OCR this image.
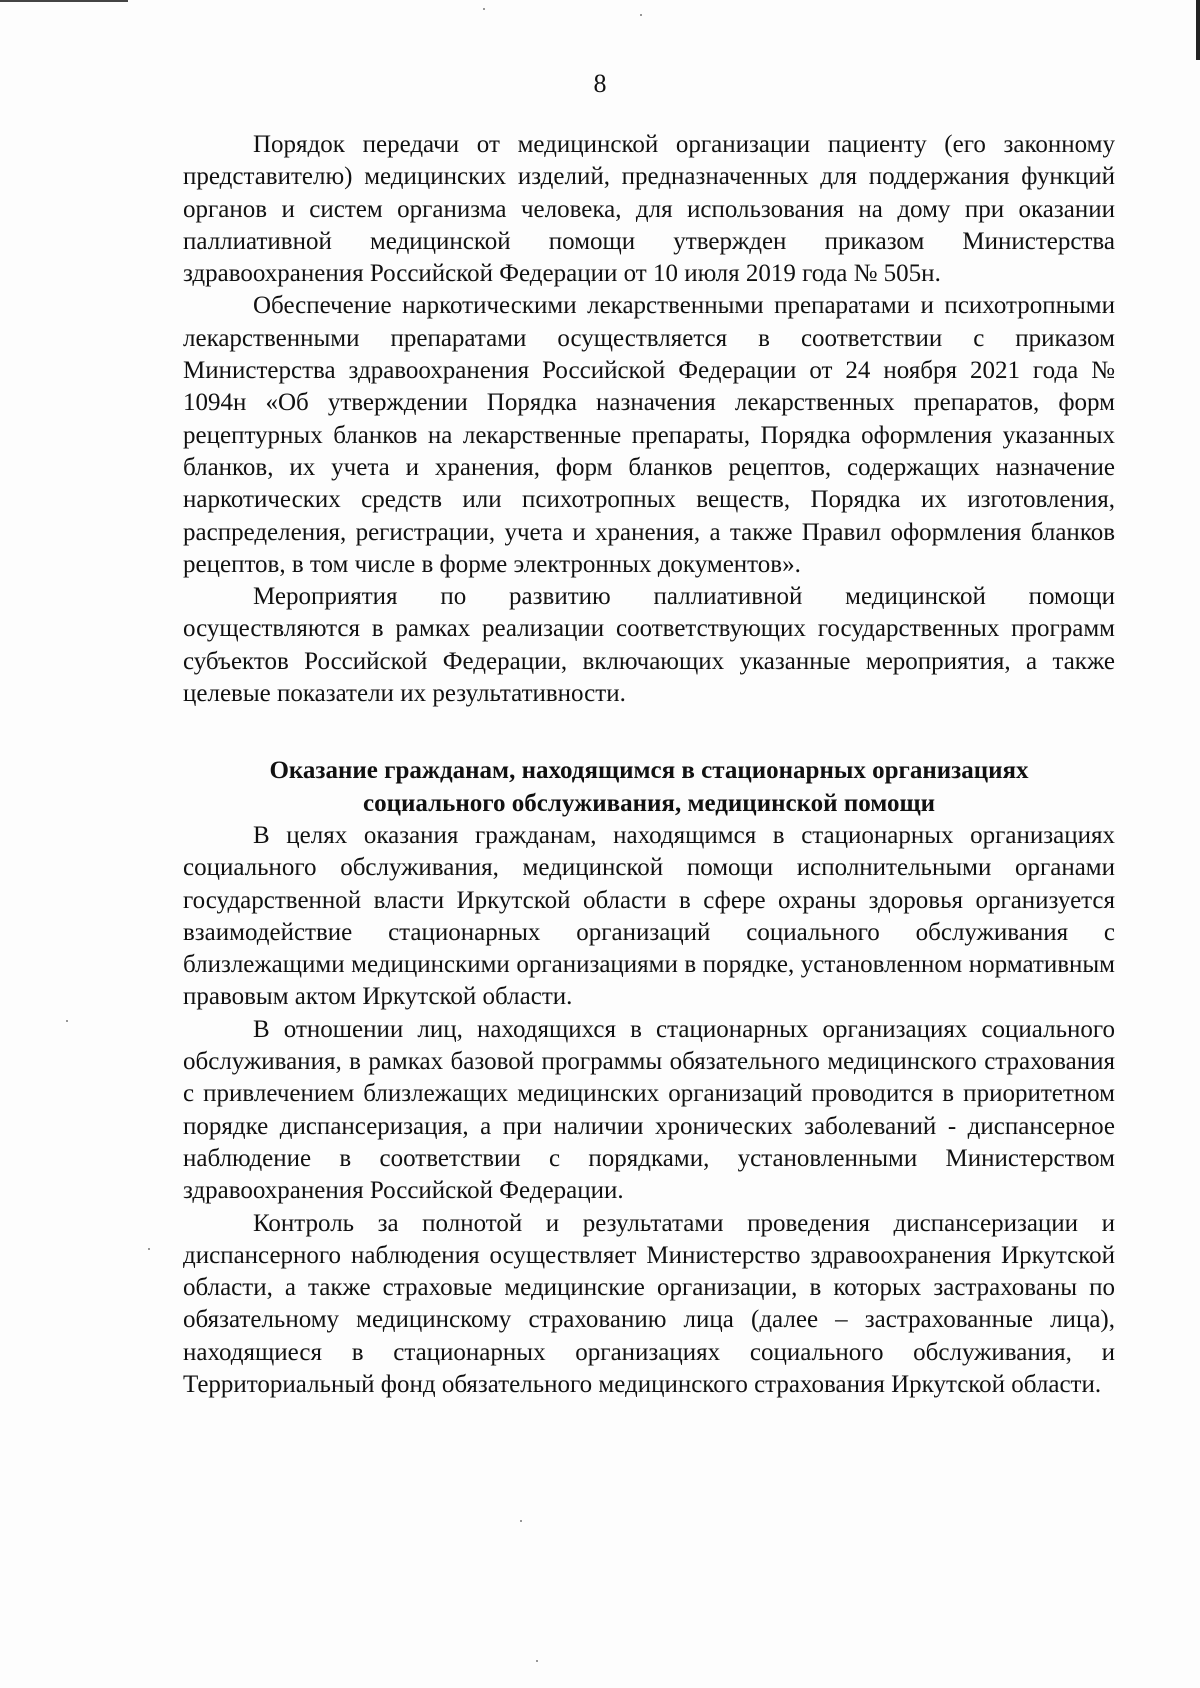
8

Порядок передачи от медицинской организации пациенту (его законному представителю) медицинских изделий, предназначенных для поддержания функций органов и систем организма человека, для использования на дому при оказании паллиативной медицинской помощи утвержден приказом Министерства здравоохранения Российской Федерации от 10 июля 2019 года № 505н.

Обеспечение наркотическими лекарственными препаратами и психотропными лекарственными препаратами осуществляется в соответствии с приказом Министерства здравоохранения Российской Федерации от 24 ноября 2021 года № 1094н «Об утверждении Порядка назначения лекарственных препаратов, форм рецептурных бланков на лекарственные препараты, Порядка оформления указанных бланков, их учета и хранения, форм бланков рецептов, содержащих назначение наркотических средств или психотропных веществ, Порядка их изготовления, распределения, регистрации, учета и хранения, а также Правил оформления бланков рецептов, в том числе в форме электронных документов».

Мероприятия по развитию паллиативной медицинской помощи осуществляются в рамках реализации соответствующих государственных программ субъектов Российской Федерации, включающих указанные мероприятия, а также целевые показатели их результативности.

Оказание гражданам, находящимся в стационарных организациях
социального обслуживания, медицинской помощи

В целях оказания гражданам, находящимся в стационарных организациях социального обслуживания, медицинской помощи исполнительными органами государственной власти Иркутской области в сфере охраны здоровья организуется взаимодействие стационарных организаций социального обслуживания с близлежащими медицинскими организациями в порядке, установленном нормативным правовым актом Иркутской области.

В отношении лиц, находящихся в стационарных организациях социального обслуживания, в рамках базовой программы обязательного медицинского страхования с привлечением близлежащих медицинских организаций проводится в приоритетном порядке диспансеризация, а при наличии хронических заболеваний - диспансерное наблюдение в соответствии с порядками, установленными Министерством здравоохранения Российской Федерации.

Контроль за полнотой и результатами проведения диспансеризации и диспансерного наблюдения осуществляет Министерство здравоохранения Иркутской области, а также страховые медицинские организации, в которых застрахованы по обязательному медицинскому страхованию лица (далее – застрахованные лица), находящиеся в стационарных организациях социального обслуживания, и Территориальный фонд обязательного медицинского страхования Иркутской области.
